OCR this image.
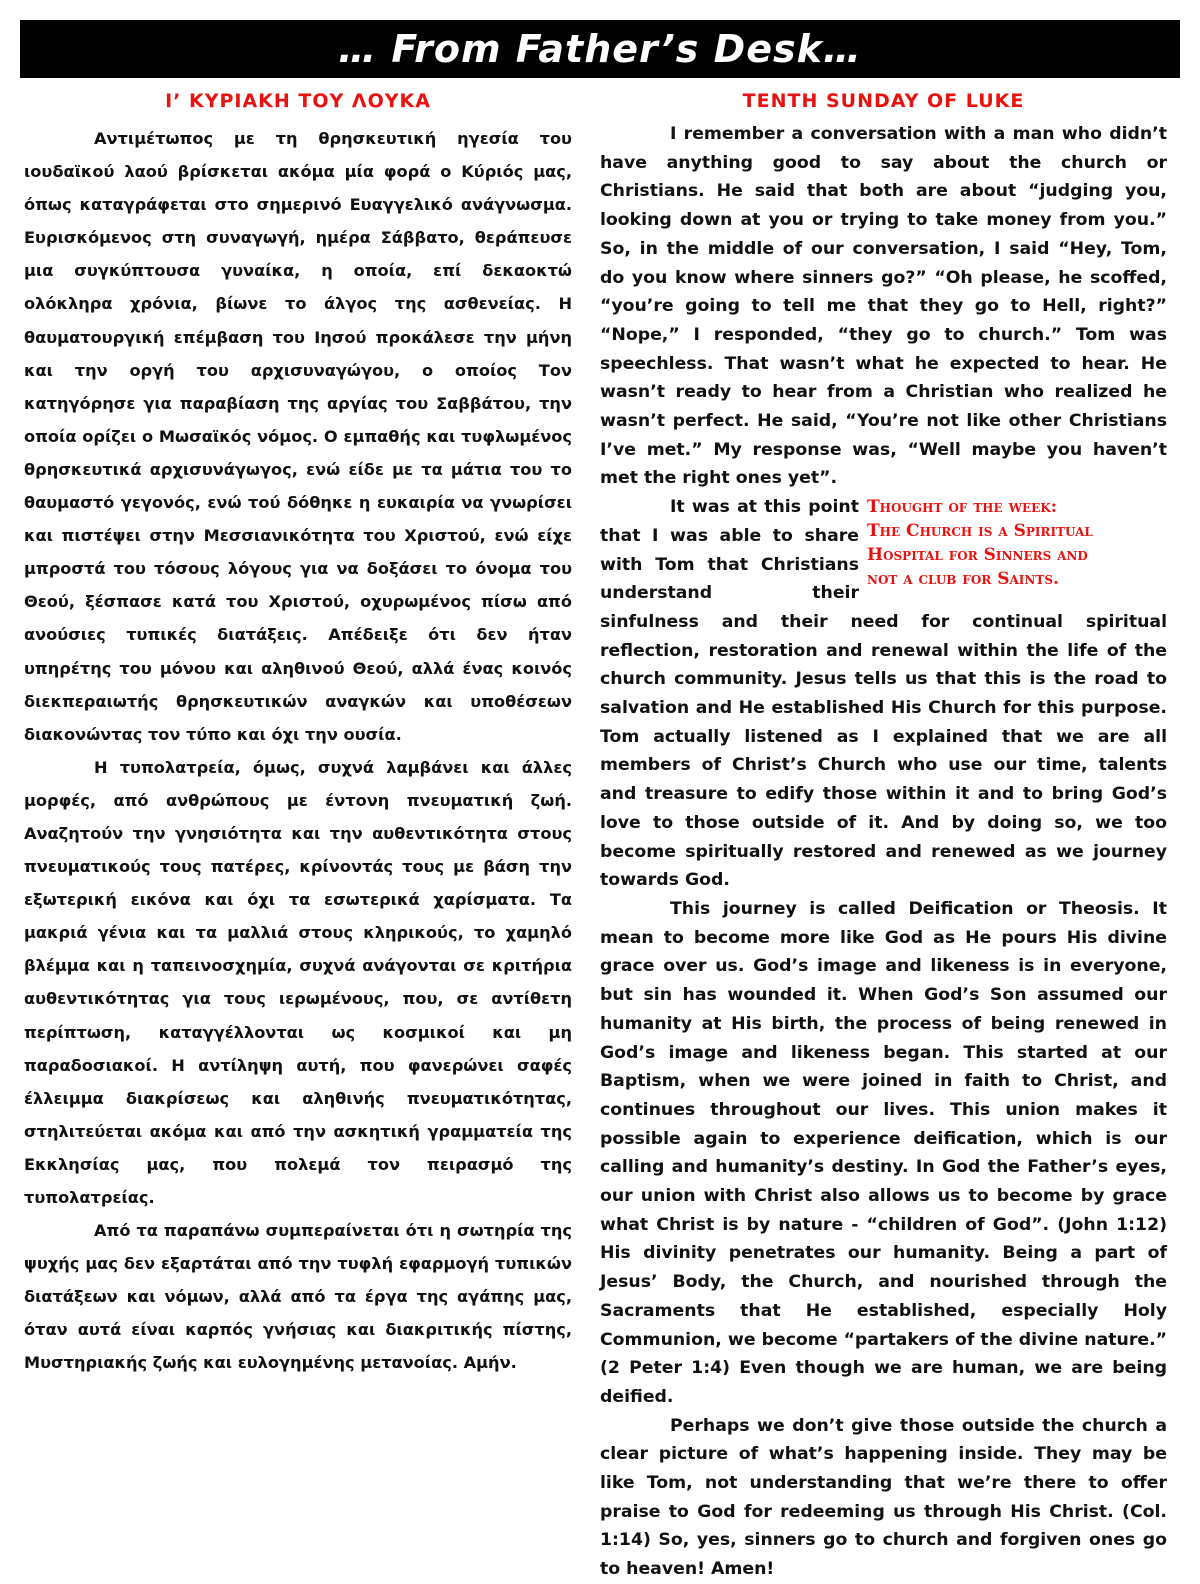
… From Father’s Desk…
Ι’ ΚΥΡΙΑΚΗ ΤΟΥ ΛΟΥΚΑ

Αντιμέτωπος με τη θρησκευτική ηγεσία του ιουδαϊκού λαού βρίσκεται ακόμα μία φορά ο Κύριός μας, όπως καταγράφεται στο σημερινό Ευαγγελικό ανάγνωσμα. Ευρισκόμενος στη συναγωγή, ημέρα Σάββατο, θεράπευσε μια συγκύπτουσα γυναίκα, η οποία, επί δεκαοκτώ ολόκληρα χρόνια, βίωνε το άλγος της ασθενείας. Η θαυματουργική επέμβαση του Ιησού προκάλεσε την μήνη και την οργή του αρχισυναγώγου, ο οποίος Τον κατηγόρησε για παραβίαση της αργίας του Σαββάτου, την οποία ορίζει ο Μωσαϊκός νόμος. Ο εμπαθής και τυφλωμένος θρησκευτικά αρχισυνάγωγος, ενώ είδε με τα μάτια του το θαυμαστό γεγονός, ενώ τού δόθηκε η ευκαιρία να γνωρίσει και πιστέψει στην Μεσσιανικότητα του Χριστού, ενώ είχε μπροστά του τόσους λόγους για να δοξάσει το όνομα του Θεού, ξέσπασε κατά του Χριστού, οχυρωμένος πίσω από ανούσιες τυπικές διατάξεις. Απέδειξε ότι δεν ήταν υπηρέτης του μόνου και αληθινού Θεού, αλλά ένας κοινός διεκπεραιωτής θρησκευτικών αναγκών και υποθέσεων διακονώντας τον τύπο και όχι την ουσία.

Η τυπολατρεία, όμως, συχνά λαμβάνει και άλλες μορφές, από ανθρώπους με έντονη πνευματική ζωή. Αναζητούν την γνησιότητα και την αυθεντικότητα στους πνευματικούς τους πατέρες, κρίνοντάς τους με βάση την εξωτερική εικόνα και όχι τα εσωτερικά χαρίσματα. Τα μακριά γένια και τα μαλλιά στους κληρικούς, το χαμηλό βλέμμα και η ταπεινοσχημία, συχνά ανάγονται σε κριτήρια αυθεντικότητας για τους ιερωμένους, που, σε αντίθετη περίπτωση, καταγγέλλονται ως κοσμικοί και μη παραδοσιακοί. Η αντίληψη αυτή, που φανερώνει σαφές έλλειμμα διακρίσεως και αληθινής πνευματικότητας, στηλιτεύεται ακόμα και από την ασκητική γραμματεία της Εκκλησίας μας, που πολεμά τον πειρασμό της τυπολατρείας.

Από τα παραπάνω συμπεραίνεται ότι η σωτηρία της ψυχής μας δεν εξαρτάται από την τυφλή εφαρμογή τυπικών διατάξεων και νόμων, αλλά από τα έργα της αγάπης μας, όταν αυτά είναι καρπός γνήσιας και διακριτικής πίστης, Μυστηριακής ζωής και ευλογημένης μετανοίας. Αμήν.

TENTH SUNDAY OF LUKE

I remember a conversation with a man who didn’t have anything good to say about the church or Christians. He said that both are about “judging you, looking down at you or trying to take money from you.” So, in the middle of our conversation, I said “Hey, Tom, do you know where sinners go?” “Oh please, he scoffed, “you’re going to tell me that they go to Hell, right?” “Nope,” I responded, “they go to church.” Tom was speechless. That wasn’t what he expected to hear. He wasn’t ready to hear from a Christian who realized he wasn’t perfect. He said, “You’re not like other Christians I’ve met.” My response was, “Well maybe you haven’t met the right ones yet”.

Thought of the week:
The Church is a Spiritual
Hospital for Sinners and
not a club for Saints.
It was at this point that I was able to share with Tom that Christians understand their sinfulness and their need for continual spiritual reflection, restoration and renewal within the life of the church community. Jesus tells us that this is the road to salvation and He established His Church for this purpose. Tom actually listened as I explained that we are all members of Christ’s Church who use our time, talents and treasure to edify those within it and to bring God’s love to those outside of it. And by doing so, we too become spiritually restored and renewed as we journey towards God.

This journey is called Deification or Theosis. It mean to become more like God as He pours His divine grace over us. God’s image and likeness is in everyone, but sin has wounded it. When God’s Son assumed our humanity at His birth, the process of being renewed in God’s image and likeness began. This started at our Baptism, when we were joined in faith to Christ, and continues throughout our lives. This union makes it possible again to experience deification, which is our calling and humanity’s destiny. In God the Father’s eyes, our union with Christ also allows us to become by grace what Christ is by nature - “children of God”. (John 1:12) His divinity penetrates our humanity. Being a part of Jesus’ Body, the Church, and nourished through the Sacraments that He established, especially Holy Communion, we become “partakers of the divine nature.” (2 Peter 1:4) Even though we are human, we are being deified.

Perhaps we don’t give those outside the church a clear picture of what’s happening inside. They may be like Tom, not understanding that we’re there to offer praise to God for redeeming us through His Christ. (Col. 1:14) So, yes, sinners go to church and forgiven ones go to heaven! Amen!
